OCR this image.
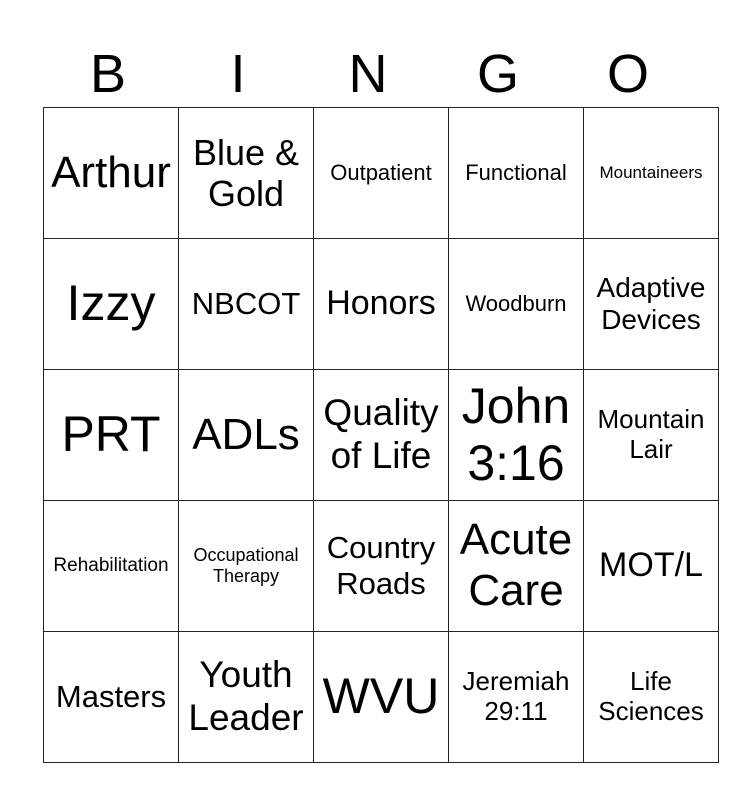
B	I	N	G	O
Arthur	Blue & Gold	Outpatient	Functional	Mountaineers
Izzy	NBCOT	Honors	Woodburn	Adaptive Devices
PRT	ADLs	Quality of Life	John 3:16	Mountain Lair
Rehabilitation	Occupational Therapy	Country Roads	Acute Care	MOT/L
Masters	Youth Leader	WVU	Jeremiah 29:11	Life Sciences
